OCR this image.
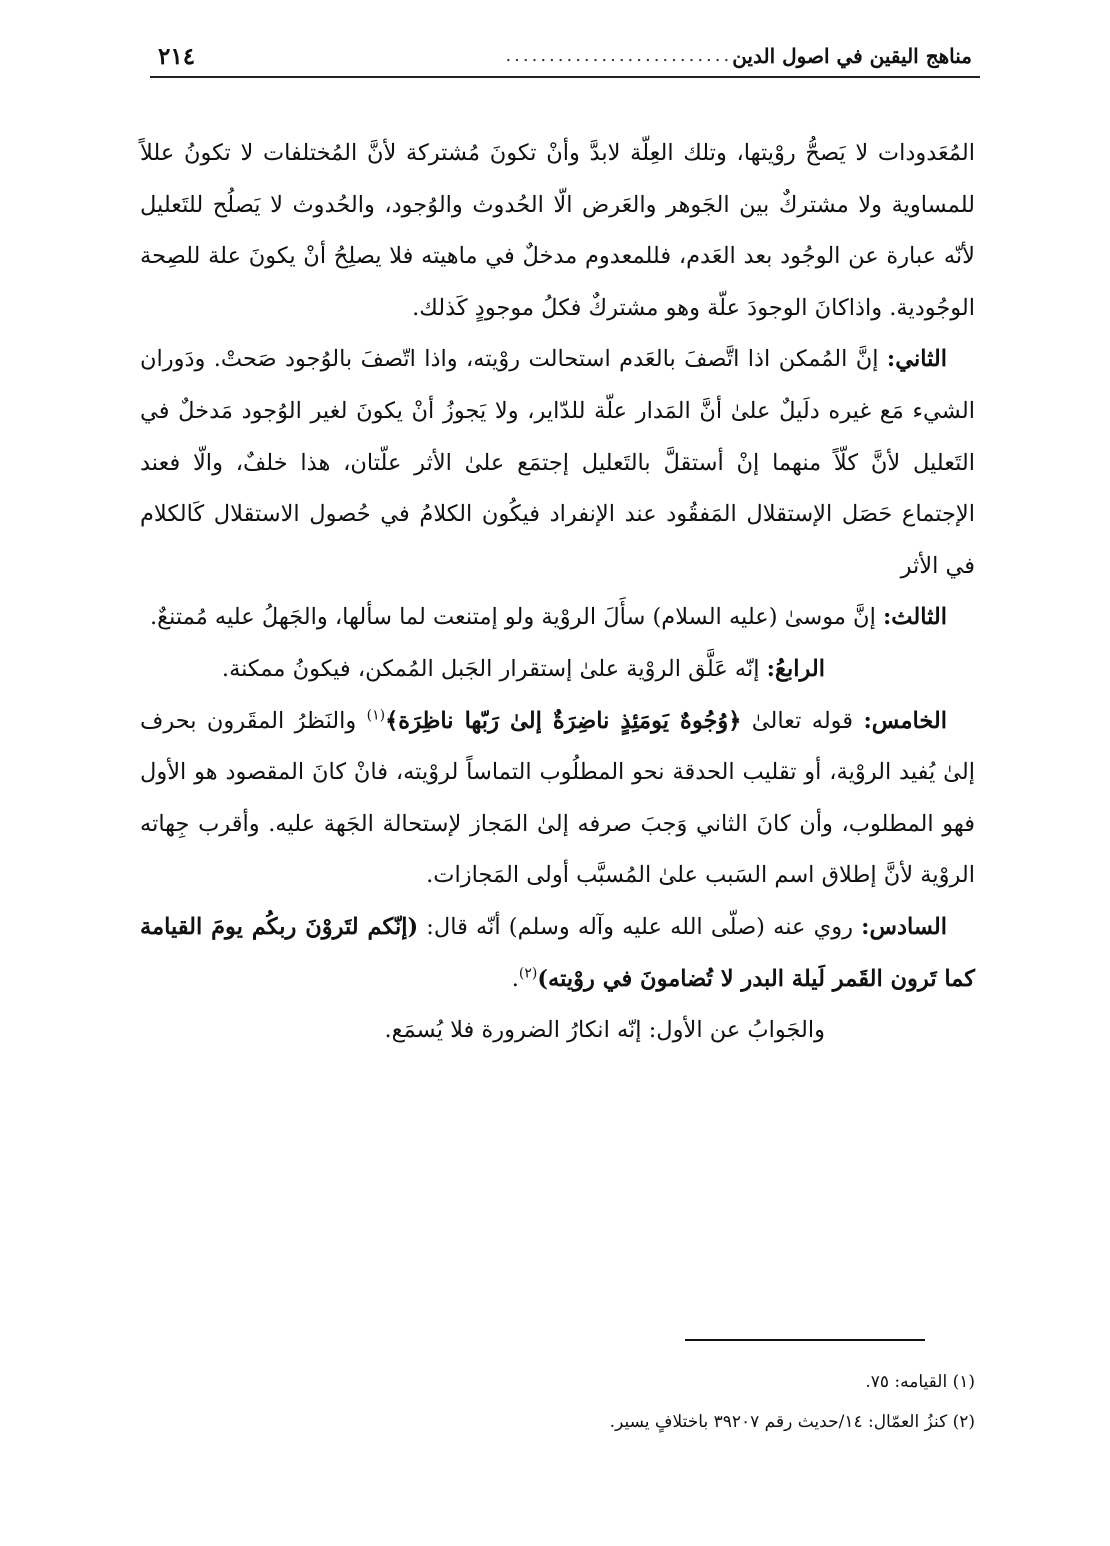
مناهج اليقين في اصول الدين
..........................
٢١٤

المُعَدودات لا يَصحُّ روْيتها، وتلك العِلّة لابدَّ وأنْ تكونَ مُشتركة لأنَّ المُختلفات لا تكونُ عللاً للمساوية ولا مشتركٌ بين الجَوهر والعَرض الّا الحُدوث والوُجود، والحُدوث لا يَصلُح للتَعليل لأنّه عبارة عن الوجُود بعد العَدم، فللمعدوم مدخلٌ في ماهيته فلا يصلِحُ أنْ يكونَ علة للصِحة الوجُودية. واذاكانَ الوجودَ علّة وهو مشتركٌ فكلُ موجودٍ كَذلك.

الثاني: إنَّ المُمكن اذا اتَّصفَ بالعَدم استحالت روْيته، واذا اتّصفَ بالوُجود صَحتْ. ودَوران الشيء مَع غيره دلَيلٌ علىٰ أنَّ المَدار علّة للدّاير، ولا يَجوزُ أنْ يكونَ لغير الوُجود مَدخلٌ في التَعليل لأنَّ كلّاً منهما إنْ أستقلَّ بالتَعليل إجتمَع علىٰ الأثر علّتان، هذا خلفٌ، والّا فعند الإجتماع حَصَل الإستقلال المَفقُود عند الإنفراد فيكُون الكلامُ في حُصول الاستقلال كَالكلام في الأثر

الثالث: إنَّ موسىٰ (عليه السلام) سأَلَ الروْية ولو إمتنعت لما سألها، والجَهلُ عليه مُمتنعٌ.

الرابعُ: إنّه عَلَّق الروْية علىٰ إستقرار الجَبل المُمكن، فيكونُ ممكنة.

الخامس: قوله تعالىٰ ﴿وُجُوهٌ يَومَئِذٍ ناضِرَةٌ إلىٰ رَبّها ناظِرَة﴾$^{(١)}$ والنَظرُ المقَرون بحرف إلىٰ يُفيد الروْية، أو تقليب الحدقة نحو المطلُوب التماساً لروْيته، فانْ كانَ المقصود هو الأول فهو المطلوب، وأن كانَ الثاني وَجبَ صرفه إلىٰ المَجاز لإستحالة الجَهة عليه. وأقرب جِهاته الروْية لأنَّ إطلاق اسم السَبب علىٰ المُسبَّب أولى المَجازات.

السادس: روي عنه (صلّى الله عليه وآله وسلم) أنّه قال: (إنّكم لتَروْنَ ربكُم يومَ القيامة كما تَرون القَمر لَيلة البدر لا تُضامونَ في روْيته)$^{(٢)}$.

والجَوابُ عن الأول: إنّه انكارُ الضرورة فلا يُسمَع.

(١) القيامه: ٧٥.

(٢) كنزُ العمّال: ١٤/حديث رقم ٣٩٢٠٧ باختلافٍ يسير.
